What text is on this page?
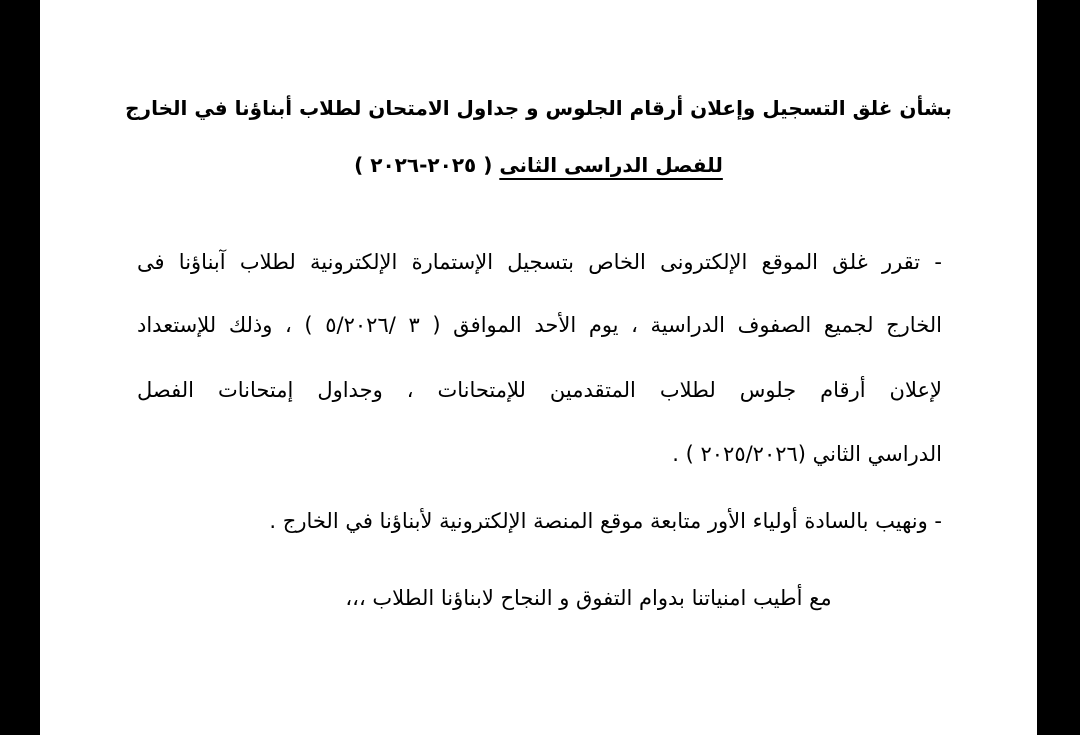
بشأن غلق التسجيل وإعلان أرقام الجلوس و جداول الامتحان لطلاب أبناؤنا في الخارج
للفصل الدراسى الثانى ( ٢٠٢٥-٢٠٢٦ )
- تقرر غلق الموقع الإلكترونى الخاص بتسجيل الإستمارة الإلكترونية لطلاب آبناؤنا فى
الخارج لجميع الصفوف الدراسية ، يوم الأحد الموافق ( ٣ /٥/٢٠٢٦ ) ، وذلك للإستعداد
لإعلان أرقام جلوس لطلاب المتقدمين للإمتحانات ، وجداول إمتحانات الفصل
الدراسي الثاني (٢٠٢٥/٢٠٢٦ ) .
- ونهيب بالسادة أولياء الأور متابعة موقع المنصة الإلكترونية لأبناؤنا في الخارج .
مع أطيب امنياتنا بدوام التفوق و النجاح لابناؤنا الطلاب ،،،
